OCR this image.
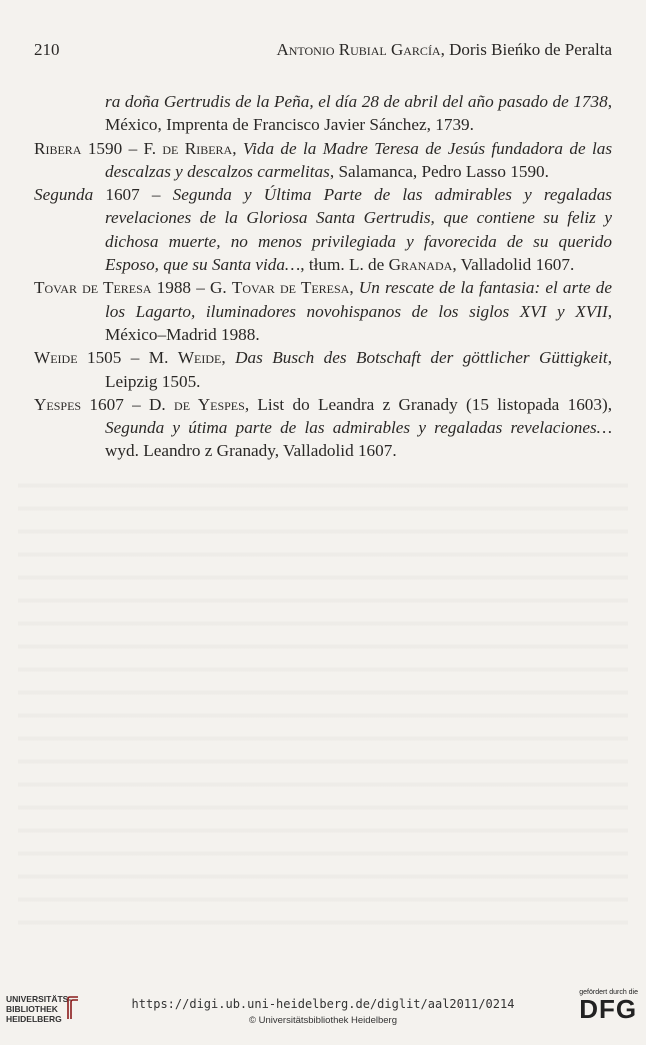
210	Antonio Rubial García, Doris Bieńko de Peralta

ra doña Gertrudis de la Peña, el día 28 de abril del año pasado de 1738, México, Imprenta de Francisco Javier Sánchez, 1739.

Ribera 1590 – F. de Ribera, Vida de la Madre Teresa de Jesús fundadora de las descalzas y descalzos carmelitas, Salamanca, Pedro Lasso 1590.

Segunda 1607 – Segunda y Última Parte de las admirables y regaladas revelaciones de la Gloriosa Santa Gertrudis, que contiene su feliz y dichosa muerte, no menos privilegiada y favorecida de su querido Esposo, que su Santa vida…, tłum. L. de Granada, Valladolid 1607.

Tovar de Teresa 1988 – G. Tovar de Teresa, Un rescate de la fantasia: el arte de los Lagarto, iluminadores novohispanos de los siglos XVI y XVII, México–Madrid 1988.

Weide 1505 – M. Weide, Das Busch des Botschaft der göttlicher Güttigkeit, Leipzig 1505.

Yespes 1607 – D. de Yespes, List do Leandra z Granady (15 listopada 1603), Segunda y útima parte de las admirables y regaladas revelaciones… wyd. Leandro z Granady, Valladolid 1607.

UNIVERSITÄTS-
BIBLIOTHEK
HEIDELBERG
https://digi.ub.uni-heidelberg.de/diglit/aal2011/0214
© Universitätsbibliothek Heidelberg
gefördert durch die
DFG
